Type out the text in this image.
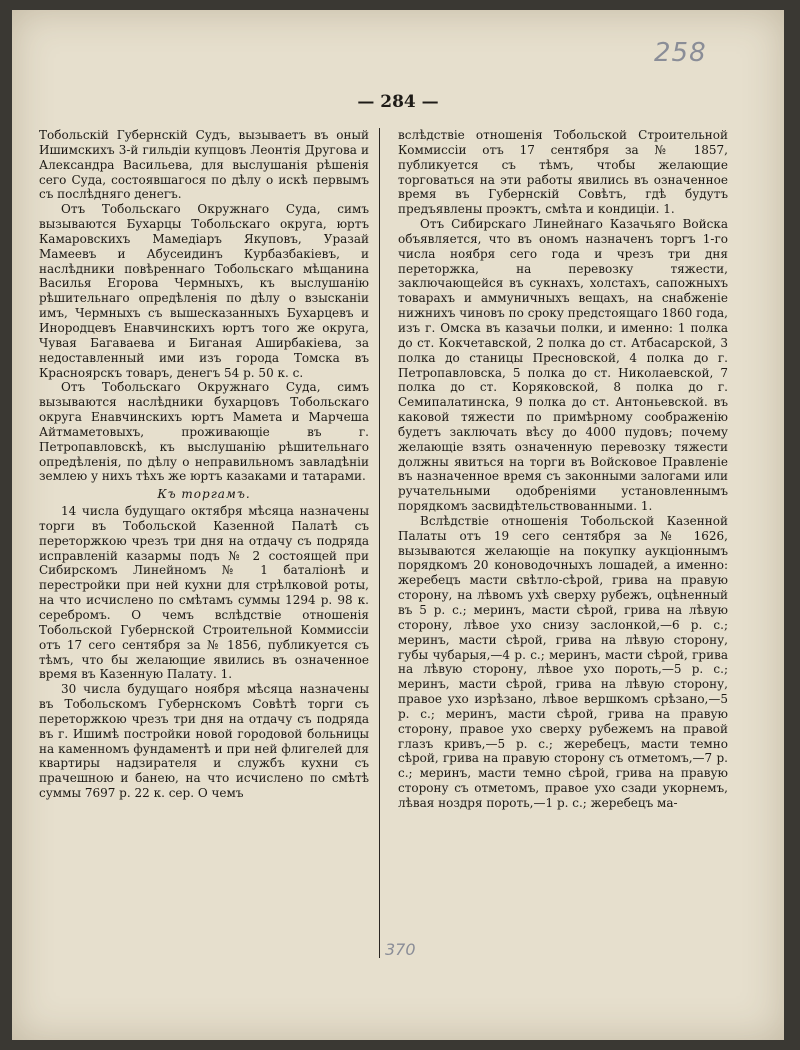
258
— 284 —

Тобольскій Губернскій Судъ, вызываетъ въ оный Ишимскихъ 3-й гильдіи купцовъ Леонтія Другова и Александра Васильева, для выслушанія рѣшенія сего Суда, состоявшагося по дѣлу о искѣ первымъ съ послѣдняго денегъ.

Отъ Тобольскаго Окружнаго Суда, симъ вызываются Бухарцы Тобольскаго округа, юртъ Камаровскихъ Мамедіаръ Якуповъ, Уразай Мамеевъ и Абусеидинъ Курбазбакіевъ, и наслѣдники повѣреннаго Тобольскаго мѣщанина Василья Егорова Чермныхъ, къ выслушанію рѣшительнаго опредѣленія по дѣлу о взысканіи имъ, Чермныхъ съ вышесказанныхъ Бухарцевъ и Инородцевъ Енавчинскихъ юртъ того же округа, Чувая Багаваева и Биганая Аширбакіева, за недоставленный ими изъ города Томска въ Красноярскъ товаръ, денегъ 54 р. 50 к. с.

Отъ Тобольскаго Окружнаго Суда, симъ вызываются наслѣдники бухарцовъ Тобольскаго округа Енавчинскихъ юртъ Мамета и Марчеша Айтмаметовыхъ, проживающіе въ г. Петропавловскѣ, къ выслушанію рѣшительнаго опредѣленія, по дѣлу о неправильномъ завладѣніи землею у нихъ тѣхъ же юртъ казаками и татарами.

Къ торгамъ.

14 числа будущаго октября мѣсяца назначены торги въ Тобольской Казенной Палатѣ съ переторжкою чрезъ три дня на отдачу съ подряда исправленій казармы подъ № 2 состоящей при Сибирскомъ Линейномъ № 1 баталіонѣ и перестройки при ней кухни для стрѣлковой роты, на что исчислено по смѣтамъ суммы 1294 р. 98 к. серебромъ. О чемъ вслѣдствіе отношенія Тобольской Губернской Строительной Коммиссіи отъ 17 сего сентября за № 1856, публикуется съ тѣмъ, что бы желающие явились въ означенное время въ Казенную Палату. 1.

30 числа будущаго ноября мѣсяца назначены въ Тобольскомъ Губернскомъ Совѣтѣ торги съ переторжкою чрезъ три дня на отдачу съ подряда въ г. Ишимѣ постройки новой городовой больницы на каменномъ фундаментѣ и при ней флигелей для квартиры надзирателя и службъ кухни съ прачешною и банею, на что исчислено по смѣтѣ суммы 7697 р. 22 к. сер. О чемъ

вслѣдствіе отношенія Тобольской Строительной Коммиссіи отъ 17 сентября за № 1857, публикуется съ тѣмъ, чтобы желающие торговаться на эти работы явились въ означенное время въ Губернскій Совѣтъ, гдѣ будутъ предъявлены проэктъ, смѣта и кондиціи. 1.

Отъ Сибирскаго Линейнаго Казачьяго Войска объявляется, что въ ономъ назначенъ торгъ 1-го числа ноября сего года и чрезъ три дня переторжка, на перевозку тяжести, заключающейся въ сукнахъ, холстахъ, сапожныхъ товарахъ и аммуничныхъ вещахъ, на снабженіе нижнихъ чиновъ по сроку предстоящаго 1860 года, изъ г. Омска въ казачьи полки, и именно: 1 полка до ст. Кокчетавской, 2 полка до ст. Атбасарской, 3 полка до станицы Пресновской, 4 полка до г. Петропавловска, 5 полка до ст. Николаевской, 7 полка до ст. Коряковской, 8 полка до г. Семипалатинска, 9 полка до ст. Антоньевской. въ каковой тяжести по примѣрному соображенію будетъ заключать вѣсу до 4000 пудовъ; почему желающіе взять означенную перевозку тяжести должны явиться на торги въ Войсковое Правленіе въ назначенное время съ законными залогами или ручательными одобреніями установленнымъ порядкомъ засвидѣтельствованными. 1.

Вслѣдствіе отношенія Тобольской Казенной Палаты отъ 19 сего сентября за № 1626, вызываются желающіе на покупку аукціоннымъ порядкомъ 20 коноводочныхъ лошадей, а именно: жеребецъ масти свѣтло-сѣрой, грива на правую сторону, на лѣвомъ ухѣ сверху рубежъ, оцѣненный въ 5 р. с.; меринъ, масти сѣрой, грива на лѣвую сторону, лѣвое ухо снизу заслонкой,—6 р. с.; меринъ, масти сѣрой, грива на лѣвую сторону, губы чубарыя,—4 р. с.; меринъ, масти сѣрой, грива на лѣвую сторону, лѣвое ухо пороть,—5 р. с.; меринъ, масти сѣрой, грива на лѣвую сторону, правое ухо изрѣзано, лѣвое вершкомъ срѣзано,—5 р. с.; меринъ, масти сѣрой, грива на правую сторону, правое ухо сверху рубежемъ на правой глазъ кривъ,—5 р. с.; жеребецъ, масти темно сѣрой, грива на правую сторону съ отметомъ,—7 р. с.; меринъ, масти темно сѣрой, грива на правую сторону съ отметомъ, правое ухо сзади укорнемъ, лѣвая ноздря пороть,—1 р. с.; жеребецъ ма-

370
